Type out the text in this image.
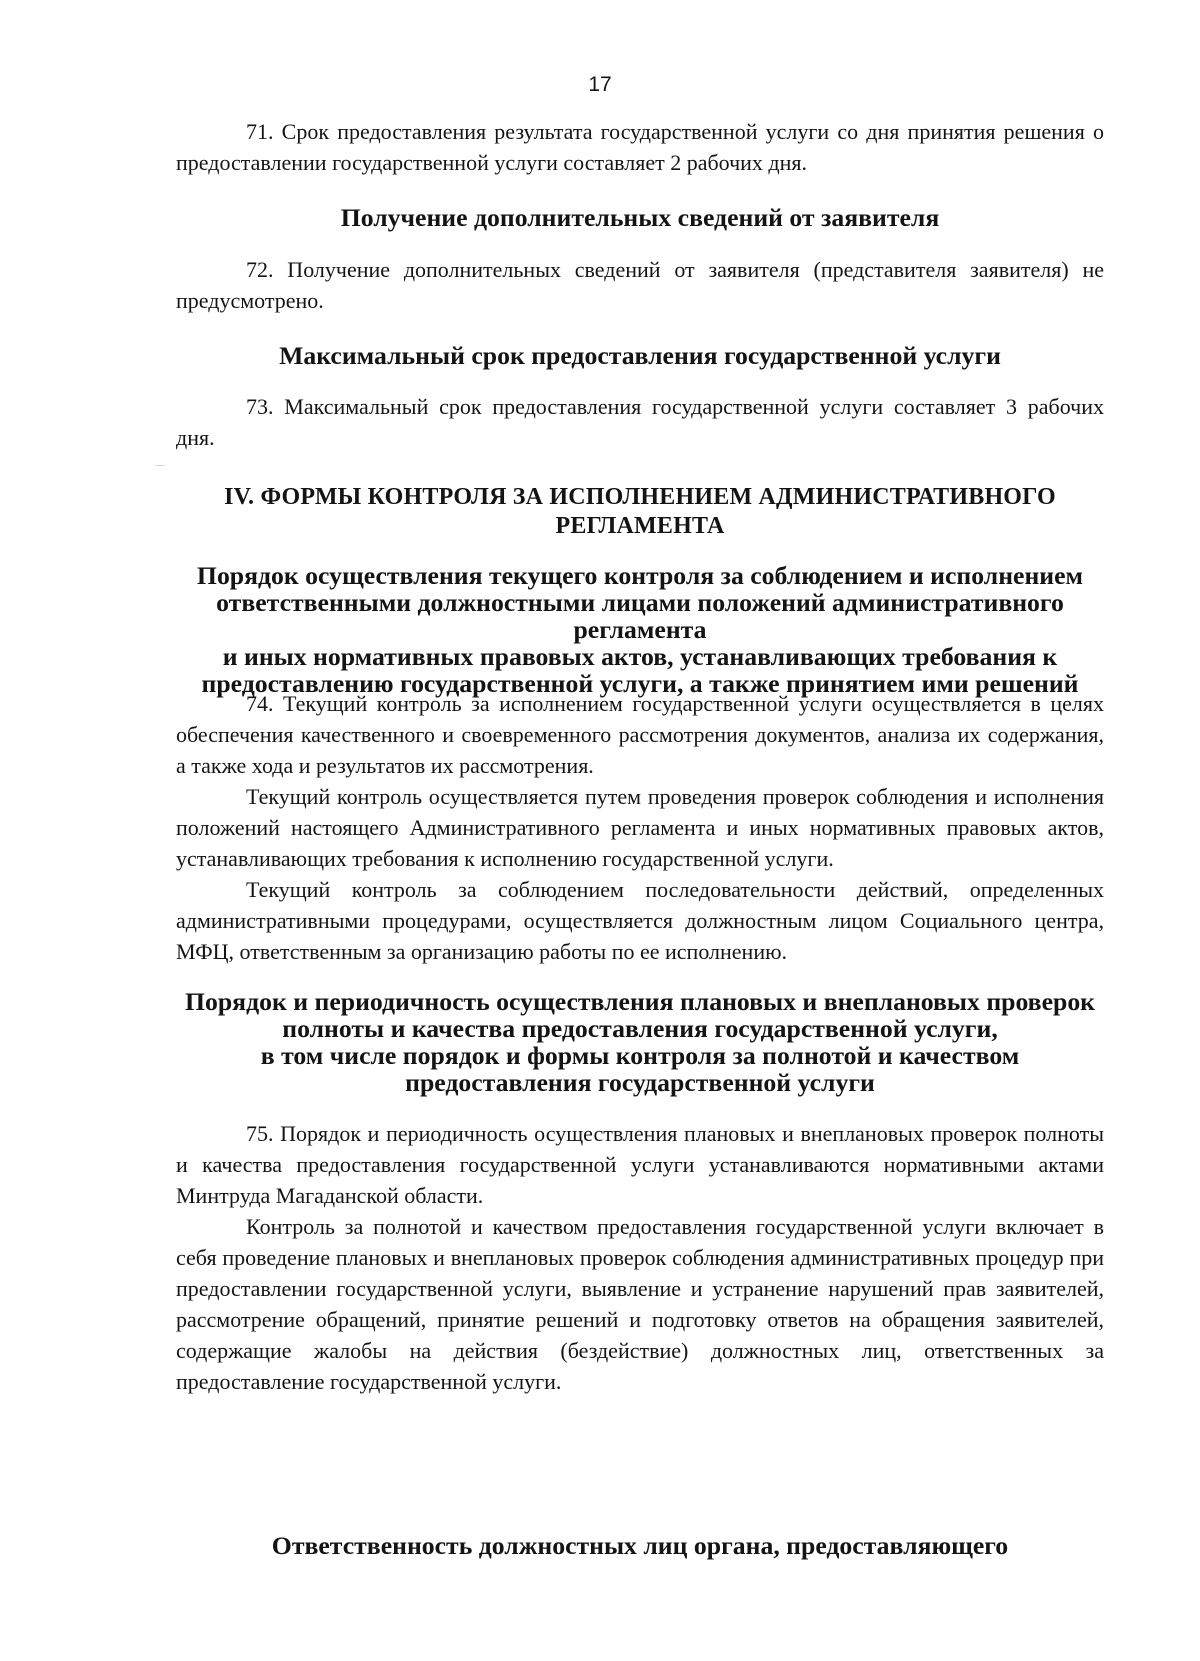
17

71. Срок предоставления результата государственной услуги со дня принятия решения о предоставлении государственной услуги составляет 2 рабочих дня.

Получение дополнительных сведений от заявителя

72. Получение дополнительных сведений от заявителя (представителя заявителя) не предусмотрено.

Максимальный срок предоставления государственной услуги

73. Максимальный срок предоставления государственной услуги составляет 3 рабочих дня.

IV. ФОРМЫ КОНТРОЛЯ ЗА ИСПОЛНЕНИЕМ АДМИНИСТРАТИВНОГО
РЕГЛАМЕНТА
Порядок осуществления текущего контроля за соблюдением и исполнением
ответственными должностными лицами положений административного регламента
и иных нормативных правовых актов, устанавливающих требования к
предоставлению государственной услуги, а также принятием ими решений

74. Текущий контроль за исполнением государственной услуги осуществляется в целях обеспечения качественного и своевременного рассмотрения документов, анализа их содержания, а также хода и результатов их рассмотрения.

Текущий контроль осуществляется путем проведения проверок соблюдения и исполнения положений настоящего Административного регламента и иных нормативных правовых актов, устанавливающих требования к исполнению государственной услуги.

Текущий контроль за соблюдением последовательности действий, определенных административными процедурами, осуществляется должностным лицом Социального центра, МФЦ, ответственным за организацию работы по ее исполнению.

Порядок и периодичность осуществления плановых и внеплановых проверок
полноты и качества предоставления государственной услуги,
в том числе порядок и формы контроля за полнотой и качеством
предоставления государственной услуги

75. Порядок и периодичность осуществления плановых и внеплановых проверок полноты и качества предоставления государственной услуги устанавливаются нормативными актами Минтруда Магаданской области.

Контроль за полнотой и качеством предоставления государственной услуги включает в себя проведение плановых и внеплановых проверок соблюдения административных процедур при предоставлении государственной услуги, выявление и устранение нарушений прав заявителей, рассмотрение обращений, принятие решений и подготовку ответов на обращения заявителей, содержащие жалобы на действия (бездействие) должностных лиц, ответственных за предоставление государственной услуги.

Ответственность должностных лиц органа, предоставляющего
